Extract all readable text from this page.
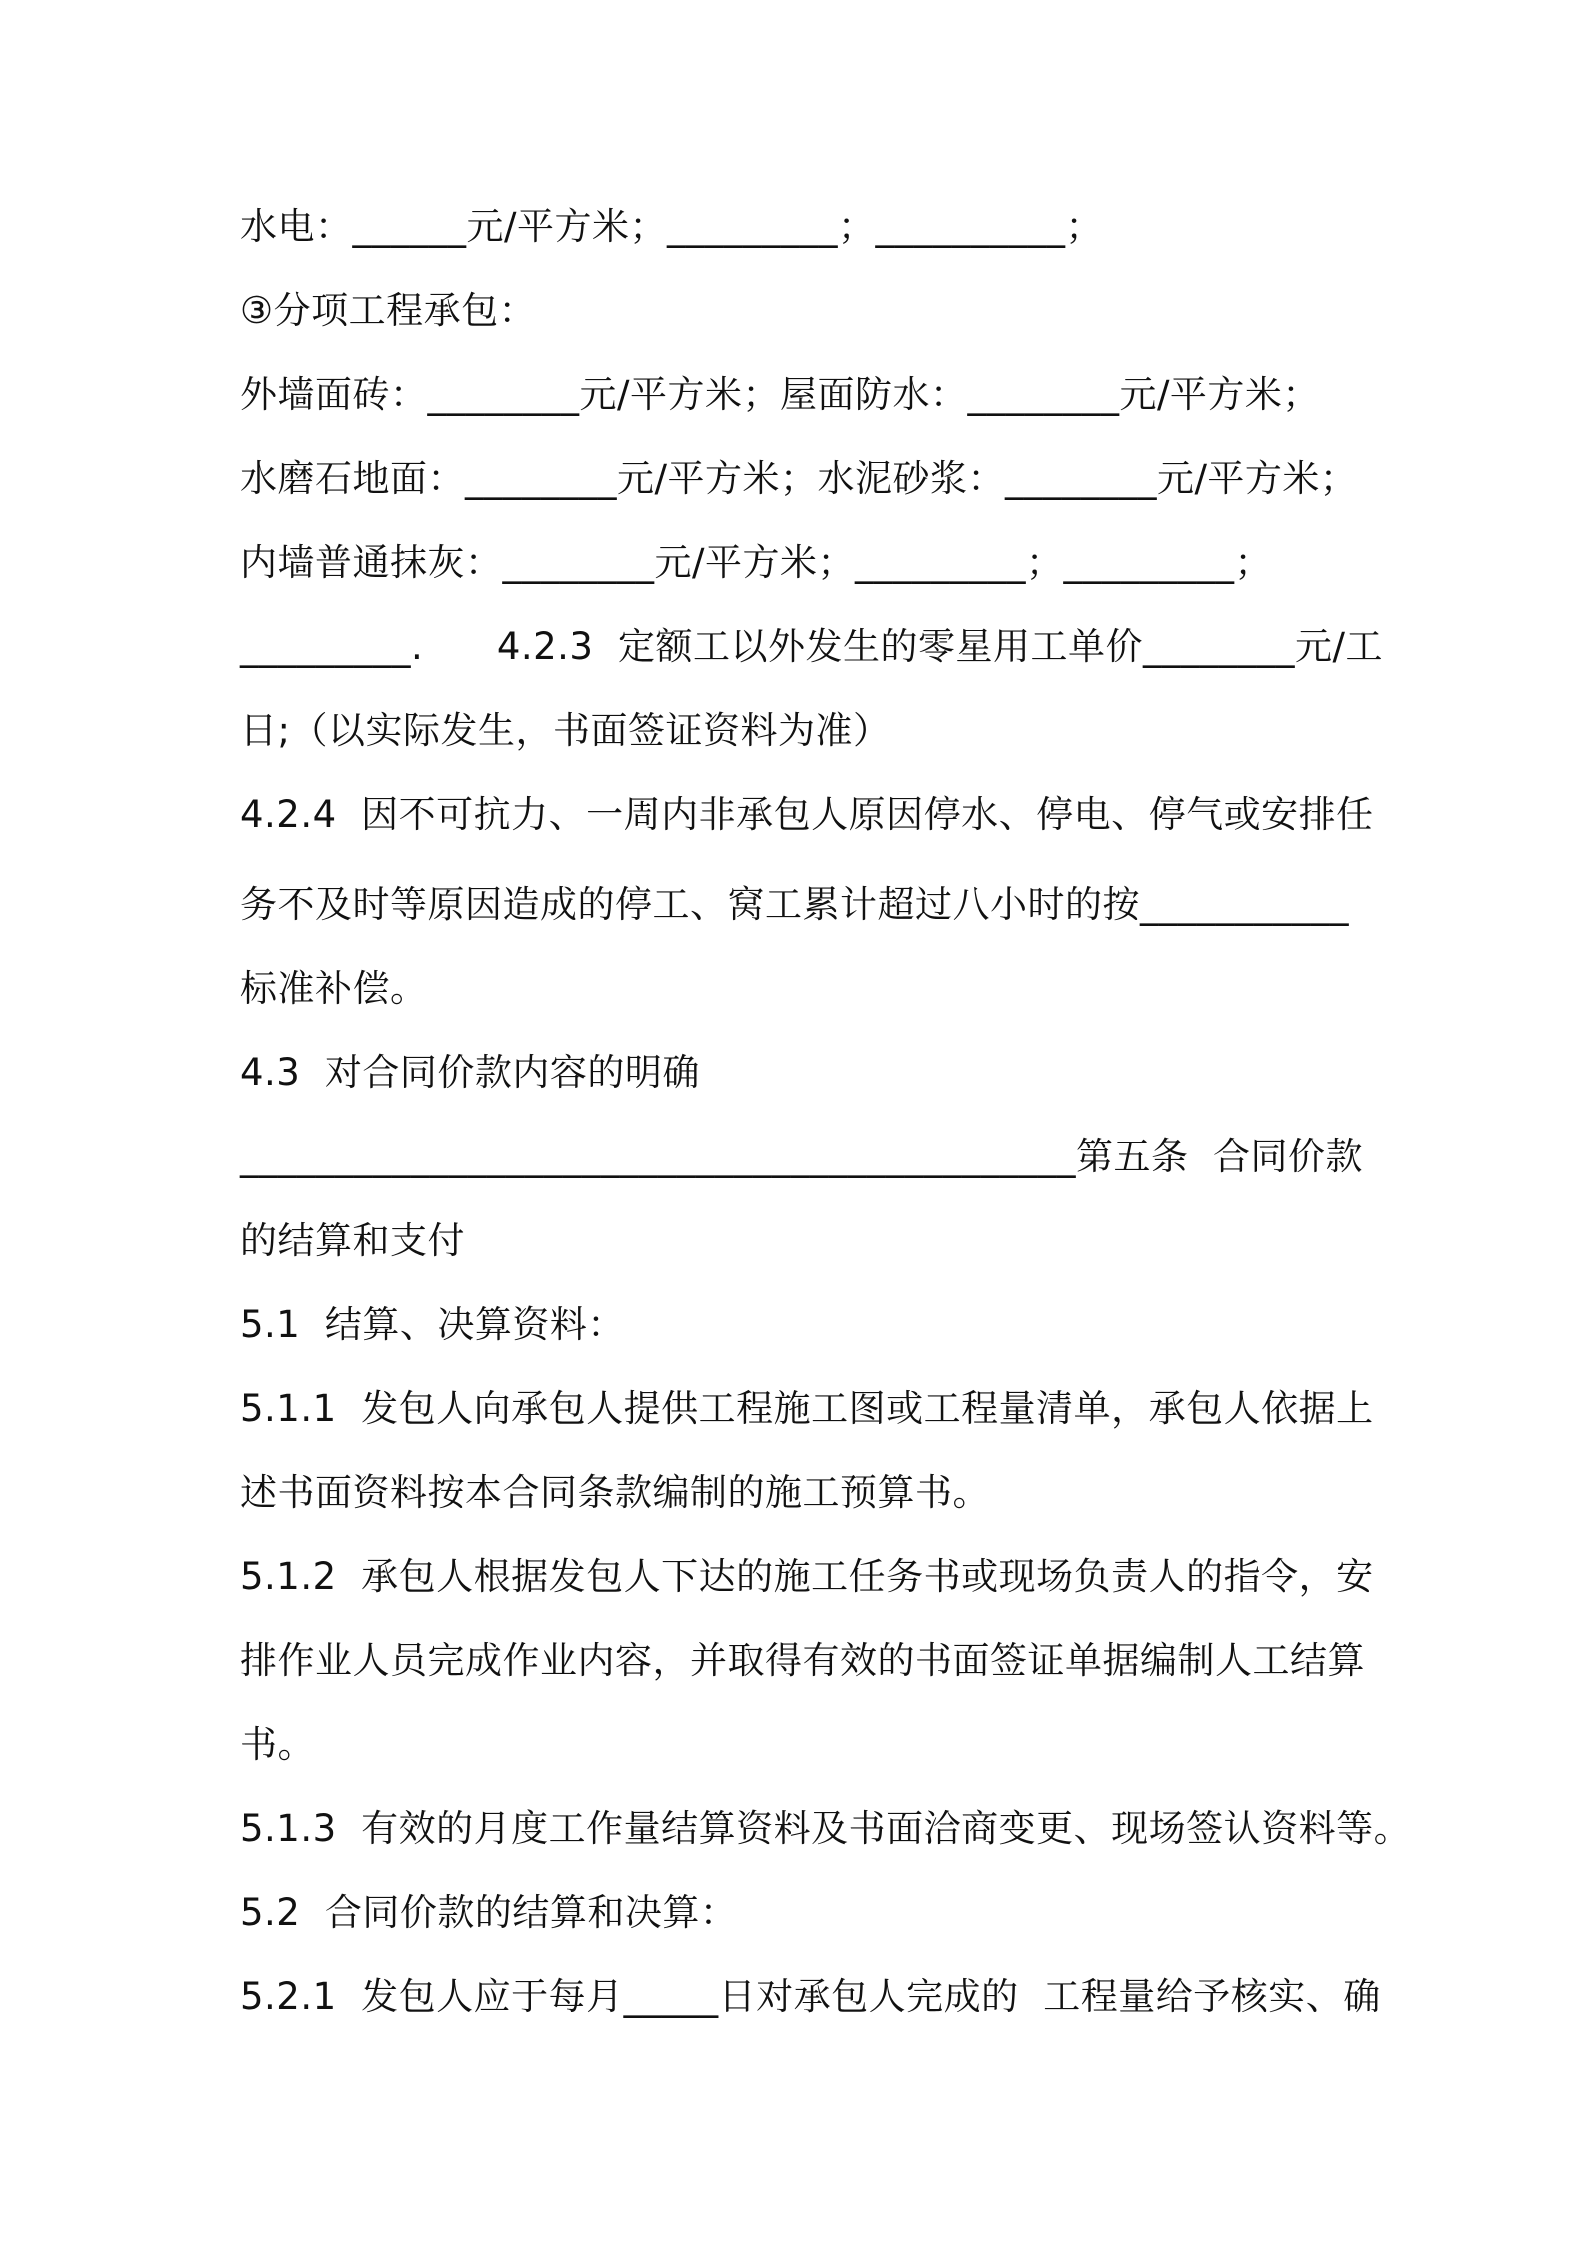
水电：______元/平方米；_________；__________；
③分项工程承包：
外墙面砖：________元/平方米；屋面防水：________元/平方米；
水磨石地面：________元/平方米；水泥砂浆：________元/平方米；
内墙普通抹灰：________元/平方米；_________；_________；
_________.      4.2.3  定额工以外发生的零星用工单价________元/工
日;（以实际发生，书面签证资料为准）
4.2.4  因不可抗力、一周内非承包人原因停水、停电、停气或安排任
务不及时等原因造成的停工、窝工累计超过八小时的按___________
标准补偿。
4.3  对合同价款内容的明确
____________________________________________第五条  合同价款
的结算和支付
5.1  结算、决算资料：
5.1.1  发包人向承包人提供工程施工图或工程量清单，承包人依据上
述书面资料按本合同条款编制的施工预算书。
5.1.2  承包人根据发包人下达的施工任务书或现场负责人的指令，安
排作业人员完成作业内容，并取得有效的书面签证单据编制人工结算
书。
5.1.3  有效的月度工作量结算资料及书面洽商变更、现场签认资料等。
5.2  合同价款的结算和决算：
5.2.1  发包人应于每月_____日对承包人完成的  工程量给予核实、确
